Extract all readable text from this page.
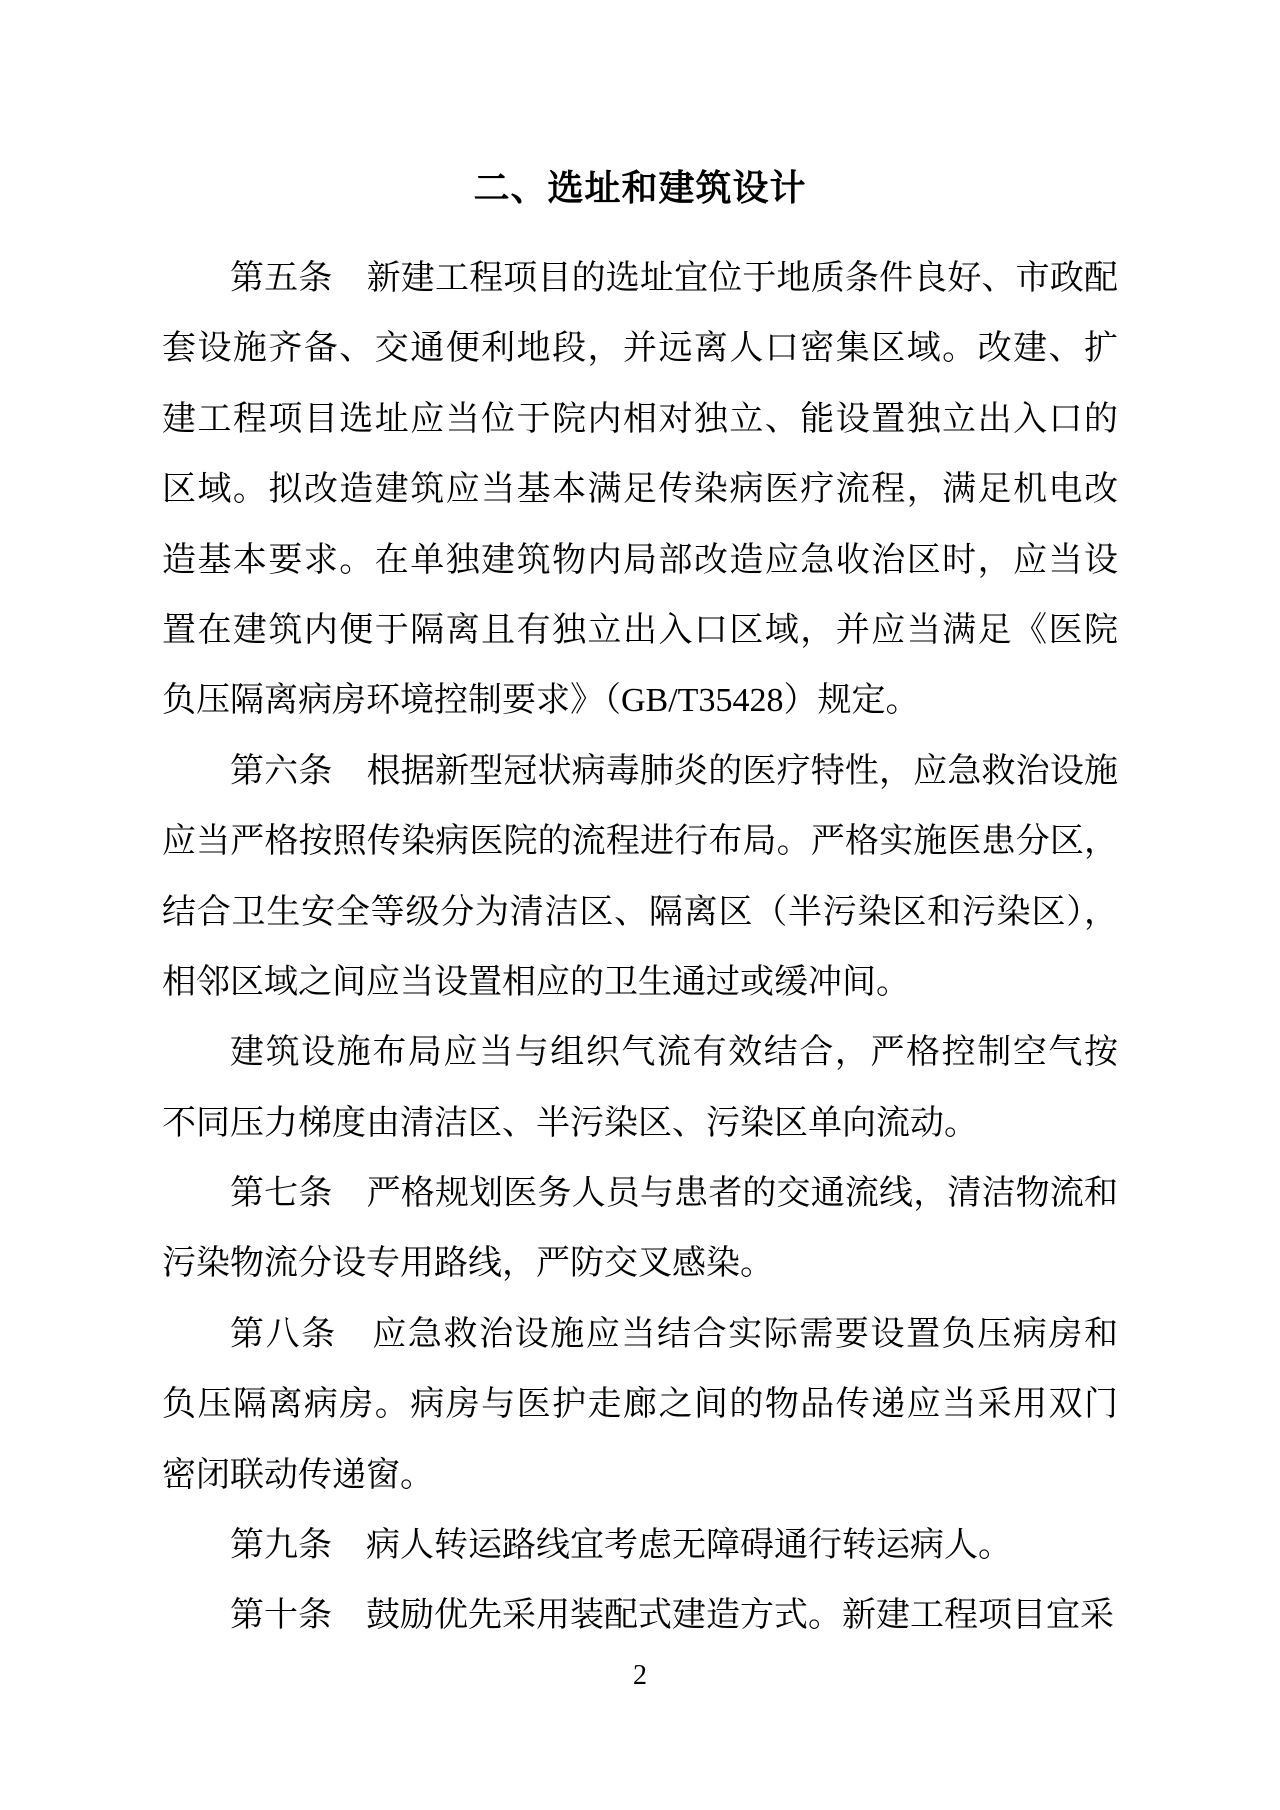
二、选址和建筑设计
第五条　新建工程项目的选址宜位于地质条件良好、市政配
套设施齐备、交通便利地段，并远离人口密集区域。改建、扩
建工程项目选址应当位于院内相对独立、能设置独立出入口的
区域。拟改造建筑应当基本满足传染病医疗流程，满足机电改
造基本要求。在单独建筑物内局部改造应急收治区时，应当设
置在建筑内便于隔离且有独立出入口区域，并应当满足《医院
负压隔离病房环境控制要求》（GB/T35428）规定。
第六条　根据新型冠状病毒肺炎的医疗特性，应急救治设施
应当严格按照传染病医院的流程进行布局。严格实施医患分区，
结合卫生安全等级分为清洁区、隔离区（半污染区和污染区），
相邻区域之间应当设置相应的卫生通过或缓冲间。
建筑设施布局应当与组织气流有效结合，严格控制空气按
不同压力梯度由清洁区、半污染区、污染区单向流动。
第七条　严格规划医务人员与患者的交通流线，清洁物流和
污染物流分设专用路线，严防交叉感染。
第八条　应急救治设施应当结合实际需要设置负压病房和
负压隔离病房。病房与医护走廊之间的物品传递应当采用双门
密闭联动传递窗。
第九条　病人转运路线宜考虑无障碍通行转运病人。
第十条　鼓励优先采用装配式建造方式。新建工程项目宜采
2
